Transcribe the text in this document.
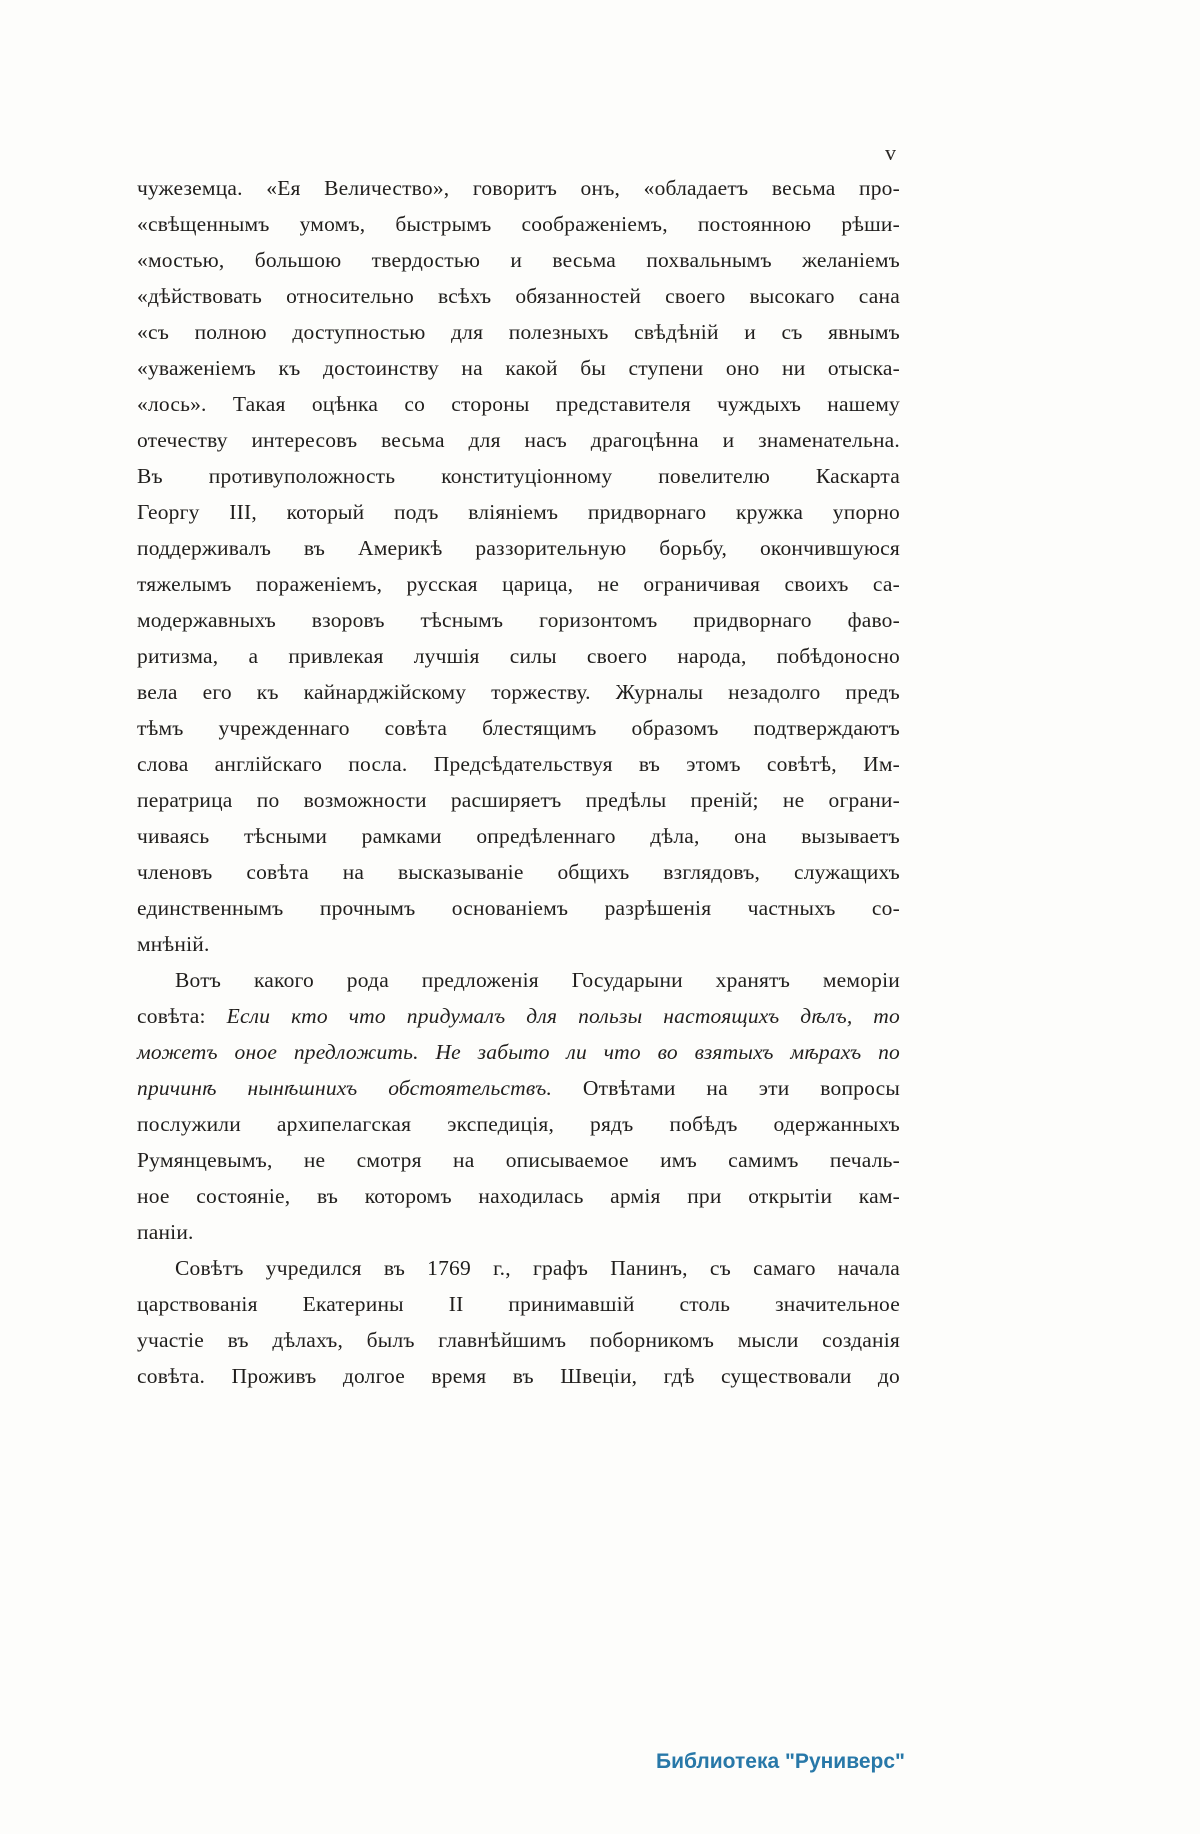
v
чужеземца. «Ея Величество», говоритъ онъ, «обладаетъ весьма про-
«свѣщеннымъ умомъ, быстрымъ соображеніемъ, постоянною рѣши-
«мостью, большою твердостью и весьма похвальнымъ желаніемъ
«дѣйствовать относительно всѣхъ обязанностей своего высокаго сана
«съ полною доступностью для полезныхъ свѣдѣній и съ явнымъ
«уваженіемъ къ достоинству на какой бы ступени оно ни отыска-
«лось». Такая оцѣнка со стороны представителя чуждыхъ нашему
отечеству интересовъ весьма для насъ драгоцѣнна и знаменательна.
Въ противуположность конституціонному повелителю Каскарта
Георгу III, который подъ вліяніемъ придворнаго кружка упорно
поддерживалъ въ Америкѣ раззорительную борьбу, окончившуюся
тяжелымъ пораженіемъ, русская царица, не ограничивая своихъ са-
модержавныхъ взоровъ тѣснымъ горизонтомъ придворнаго фаво-
ритизма, а привлекая лучшія силы своего народа, побѣдоносно
вела его къ кайнарджійскому торжеству. Журналы незадолго предъ
тѣмъ учрежденнаго совѣта блестящимъ образомъ подтверждаютъ
слова англійскаго посла. Предсѣдательствуя въ этомъ совѣтѣ, Им-
ператрица по возможности расширяетъ предѣлы преній; не ограни-
чиваясь тѣсными рамками опредѣленнаго дѣла, она вызываетъ
членовъ совѣта на высказываніе общихъ взглядовъ, служащихъ
единственнымъ прочнымъ основаніемъ разрѣшенія частныхъ со-
мнѣній.
Вотъ какого рода предложенія Государыни хранятъ меморіи
совѣта: Если кто что придумалъ для пользы настоящихъ дѣлъ, то
можетъ оное предложить. Не забыто ли что во взятыхъ мѣрахъ по
причинѣ нынѣшнихъ обстоятельствъ. Отвѣтами на эти вопросы
послужили архипелагская экспедиція, рядъ побѣдъ одержанныхъ
Румянцевымъ, не смотря на описываемое имъ самимъ печаль-
ное состояніе, въ которомъ находилась армія при открытіи кам-
паніи.
Совѣтъ учредился въ 1769 г., графъ Панинъ, съ самаго начала
царствованія Екатерины II принимавшій столь значительное
участіе въ дѣлахъ, былъ главнѣйшимъ поборникомъ мысли созданія
совѣта. Проживъ долгое время въ Швеціи, гдѣ существовали до
Библиотека "Руниверс"
